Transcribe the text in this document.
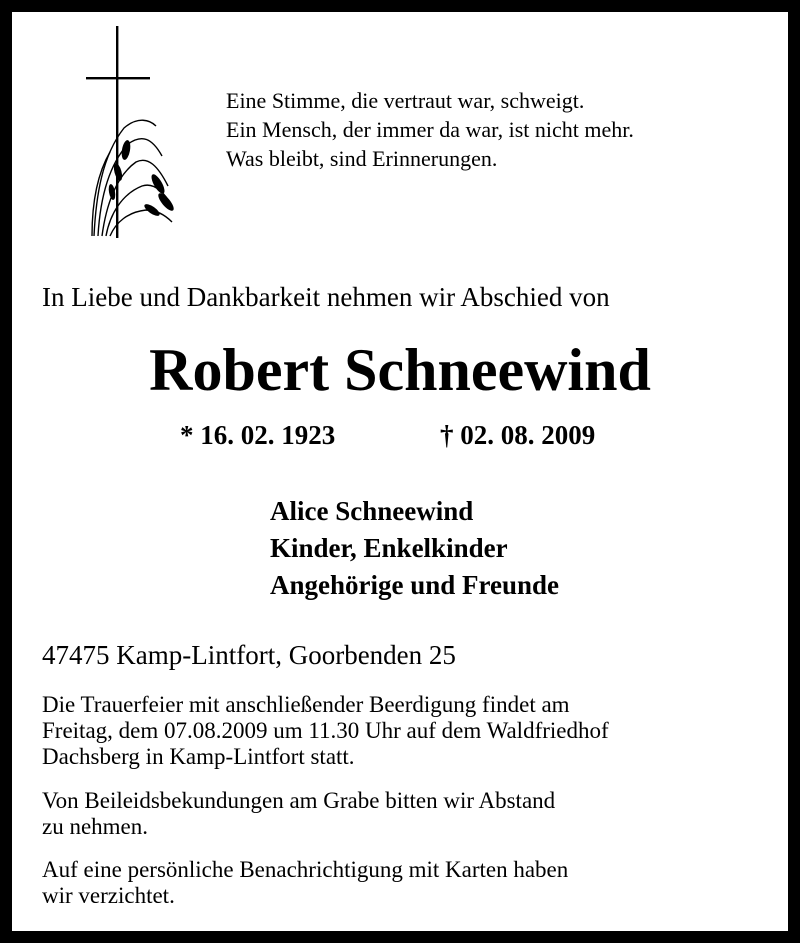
Eine Stimme, die vertraut war, schweigt.
Ein Mensch, der immer da war, ist nicht mehr.
Was bleibt, sind Erinnerungen.
In Liebe und Dankbarkeit nehmen wir Abschied von
Robert Schneewind
* 16. 02. 1923	† 02. 08. 2009
Alice Schneewind
Kinder, Enkelkinder
Angehörige und Freunde
47475 Kamp-Lintfort, Goorbenden 25
Die Trauerfeier mit anschließender Beerdigung findet am
Freitag, dem 07.08.2009 um 11.30 Uhr auf dem Waldfriedhof
Dachsberg in Kamp-Lintfort statt.
Von Beileidsbekundungen am Grabe bitten wir Abstand
zu nehmen.
Auf eine persönliche Benachrichtigung mit Karten haben
wir verzichtet.
